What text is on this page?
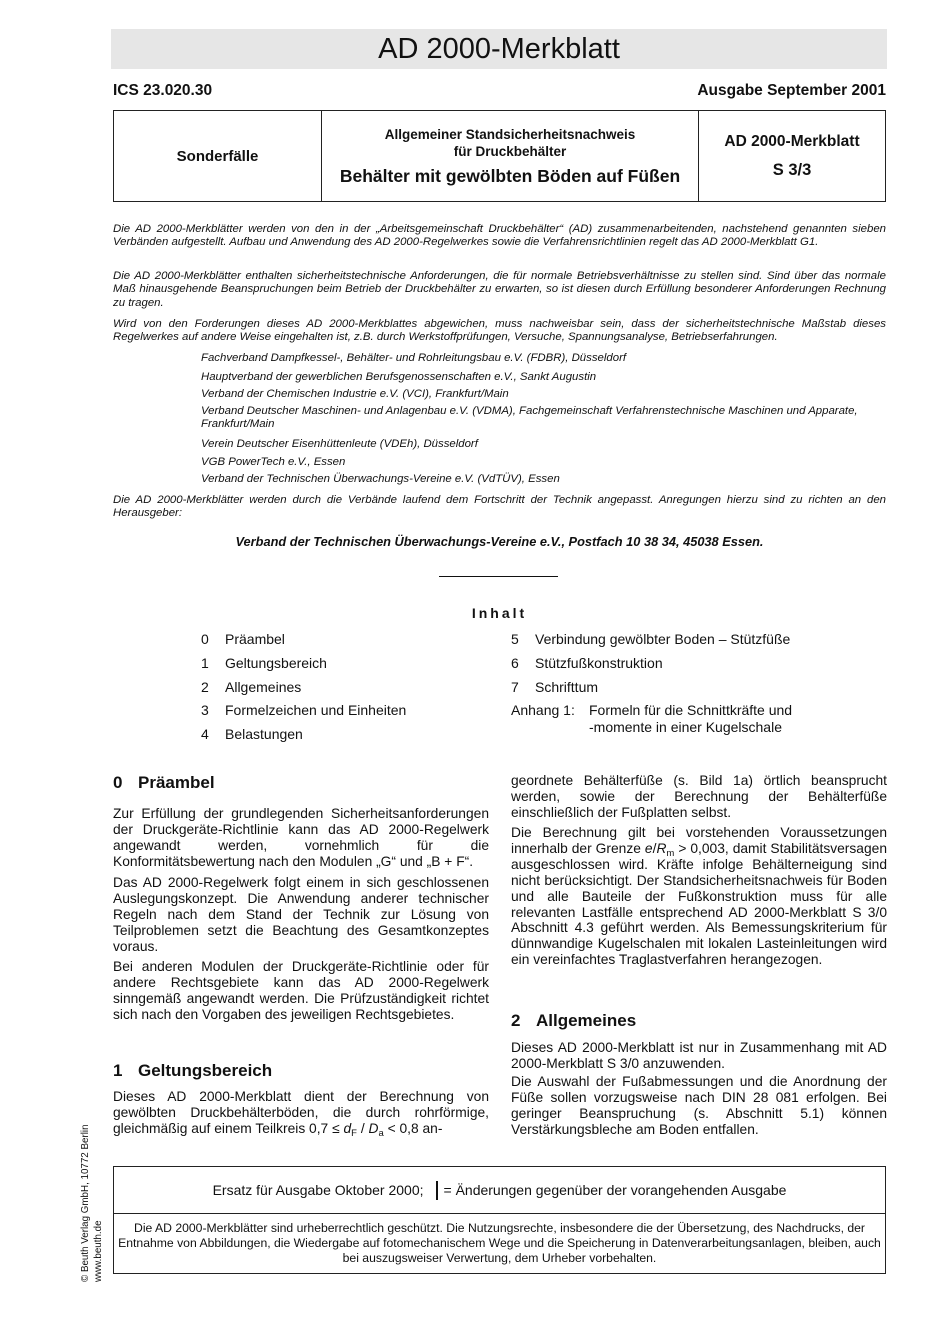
AD 2000-Merkblatt
ICS 23.020.30	Ausgabe September 2001
Sonderfälle
Allgemeiner Standsicherheitsnachweis
für Druckbehälter
Behälter mit gewölbten Böden auf Füßen
AD 2000-Merkblatt
S 3/3

Die AD 2000-Merkblätter werden von den in der „Arbeitsgemeinschaft Druckbehälter“ (AD) zusammenarbeitenden, nachstehend genannten sieben Verbänden aufgestellt. Aufbau und Anwendung des AD 2000-Regelwerkes sowie die Verfahrensrichtlinien regelt das AD 2000-Merkblatt G1.

Die AD 2000-Merkblätter enthalten sicherheitstechnische Anforderungen, die für normale Betriebsverhältnisse zu stellen sind. Sind über das normale Maß hinausgehende Beanspruchungen beim Betrieb der Druckbehälter zu erwarten, so ist diesen durch Erfüllung besonderer Anforderungen Rechnung zu tragen.

Wird von den Forderungen dieses AD 2000-Merkblattes abgewichen, muss nachweisbar sein, dass der sicherheitstechnische Maßstab dieses Regelwerkes auf andere Weise eingehalten ist, z.B. durch Werkstoffprüfungen, Versuche, Spannungsanalyse, Betriebserfahrungen.

Fachverband Dampfkessel-, Behälter- und Rohrleitungsbau e.V. (FDBR), Düsseldorf

Hauptverband der gewerblichen Berufsgenossenschaften e.V., Sankt Augustin

Verband der Chemischen Industrie e.V. (VCI), Frankfurt/Main

Verband Deutscher Maschinen- und Anlagenbau e.V. (VDMA), Fachgemeinschaft Verfahrenstechnische Maschinen und Apparate, Frankfurt/Main

Verein Deutscher Eisenhüttenleute (VDEh), Düsseldorf

VGB PowerTech e.V., Essen

Verband der Technischen Überwachungs-Vereine e.V. (VdTÜV), Essen

Die AD 2000-Merkblätter werden durch die Verbände laufend dem Fortschritt der Technik angepasst. Anregungen hierzu sind zu richten an den Herausgeber:

Verband der Technischen Überwachungs-Vereine e.V., Postfach 10 38 34, 45038 Essen.
Inhalt
0 Präambel
1 Geltungsbereich
2 Allgemeines
3 Formelzeichen und Einheiten
4 Belastungen
5 Verbindung gewölbter Boden – Stützfüße
6 Stützfußkonstruktion
7 Schrifttum
Anhang 1: Formeln für die Schnittkräfte und
-momente in einer Kugelschale
0 Präambel

Zur Erfüllung der grundlegenden Sicherheitsanforderungen der Druckgeräte-Richtlinie kann das AD 2000-Regelwerk angewandt werden, vornehmlich für die Konformitätsbewertung nach den Modulen „G“ und „B + F“.

Das AD 2000-Regelwerk folgt einem in sich geschlossenen Auslegungskonzept. Die Anwendung anderer technischer Regeln nach dem Stand der Technik zur Lösung von Teilproblemen setzt die Beachtung des Gesamtkonzeptes voraus.

Bei anderen Modulen der Druckgeräte-Richtlinie oder für andere Rechtsgebiete kann das AD 2000-Regelwerk sinngemäß angewandt werden. Die Prüfzuständigkeit richtet sich nach den Vorgaben des jeweiligen Rechtsgebietes.

1 Geltungsbereich

Dieses AD 2000-Merkblatt dient der Berechnung von gewölbten Druckbehälterböden, die durch rohrförmige, gleichmäßig auf einem Teilkreis $0,7 \le d_F / D_a < 0,8$ an-

geordnete Behälterfüße (s. Bild 1a) örtlich beansprucht werden, sowie der Berechnung der Behälterfüße einschließlich der Fußplatten selbst.

Die Berechnung gilt bei vorstehenden Voraussetzungen innerhalb der Grenze $e/R_m > 0,003$, damit Stabilitätsversagen ausgeschlossen wird. Kräfte infolge Behälterneigung sind nicht berücksichtigt. Der Standsicherheitsnachweis für Boden und alle Bauteile der Fußkonstruktion muss für alle relevanten Lastfälle entsprechend AD 2000-Merkblatt S 3/0 Abschnitt 4.3 geführt werden. Als Bemessungskriterium für dünnwandige Kugelschalen mit lokalen Lasteinleitungen wird ein vereinfachtes Traglastverfahren herangezogen.

2 Allgemeines

Dieses AD 2000-Merkblatt ist nur in Zusammenhang mit AD 2000-Merkblatt S 3/0 anzuwenden.

Die Auswahl der Fußabmessungen und die Anordnung der Füße sollen vorzugsweise nach DIN 28 081 erfolgen. Bei geringer Beanspruchung (s. Abschnitt 5.1) können Verstärkungsbleche am Boden entfallen.

Ersatz für Ausgabe Oktober 2000; = Änderungen gegenüber der vorangehenden Ausgabe
Die AD 2000-Merkblätter sind urheberrechtlich geschützt. Die Nutzungsrechte, insbesondere die der Übersetzung, des Nachdrucks, der Entnahme von Abbildungen, die Wiedergabe auf fotomechanischem Wege und die Speicherung in Datenverarbeitungsanlagen, bleiben, auch bei auszugsweiser Verwertung, dem Urheber vorbehalten.
© Beuth Verlag GmbH, 10772 Berlin www.beuth.de
